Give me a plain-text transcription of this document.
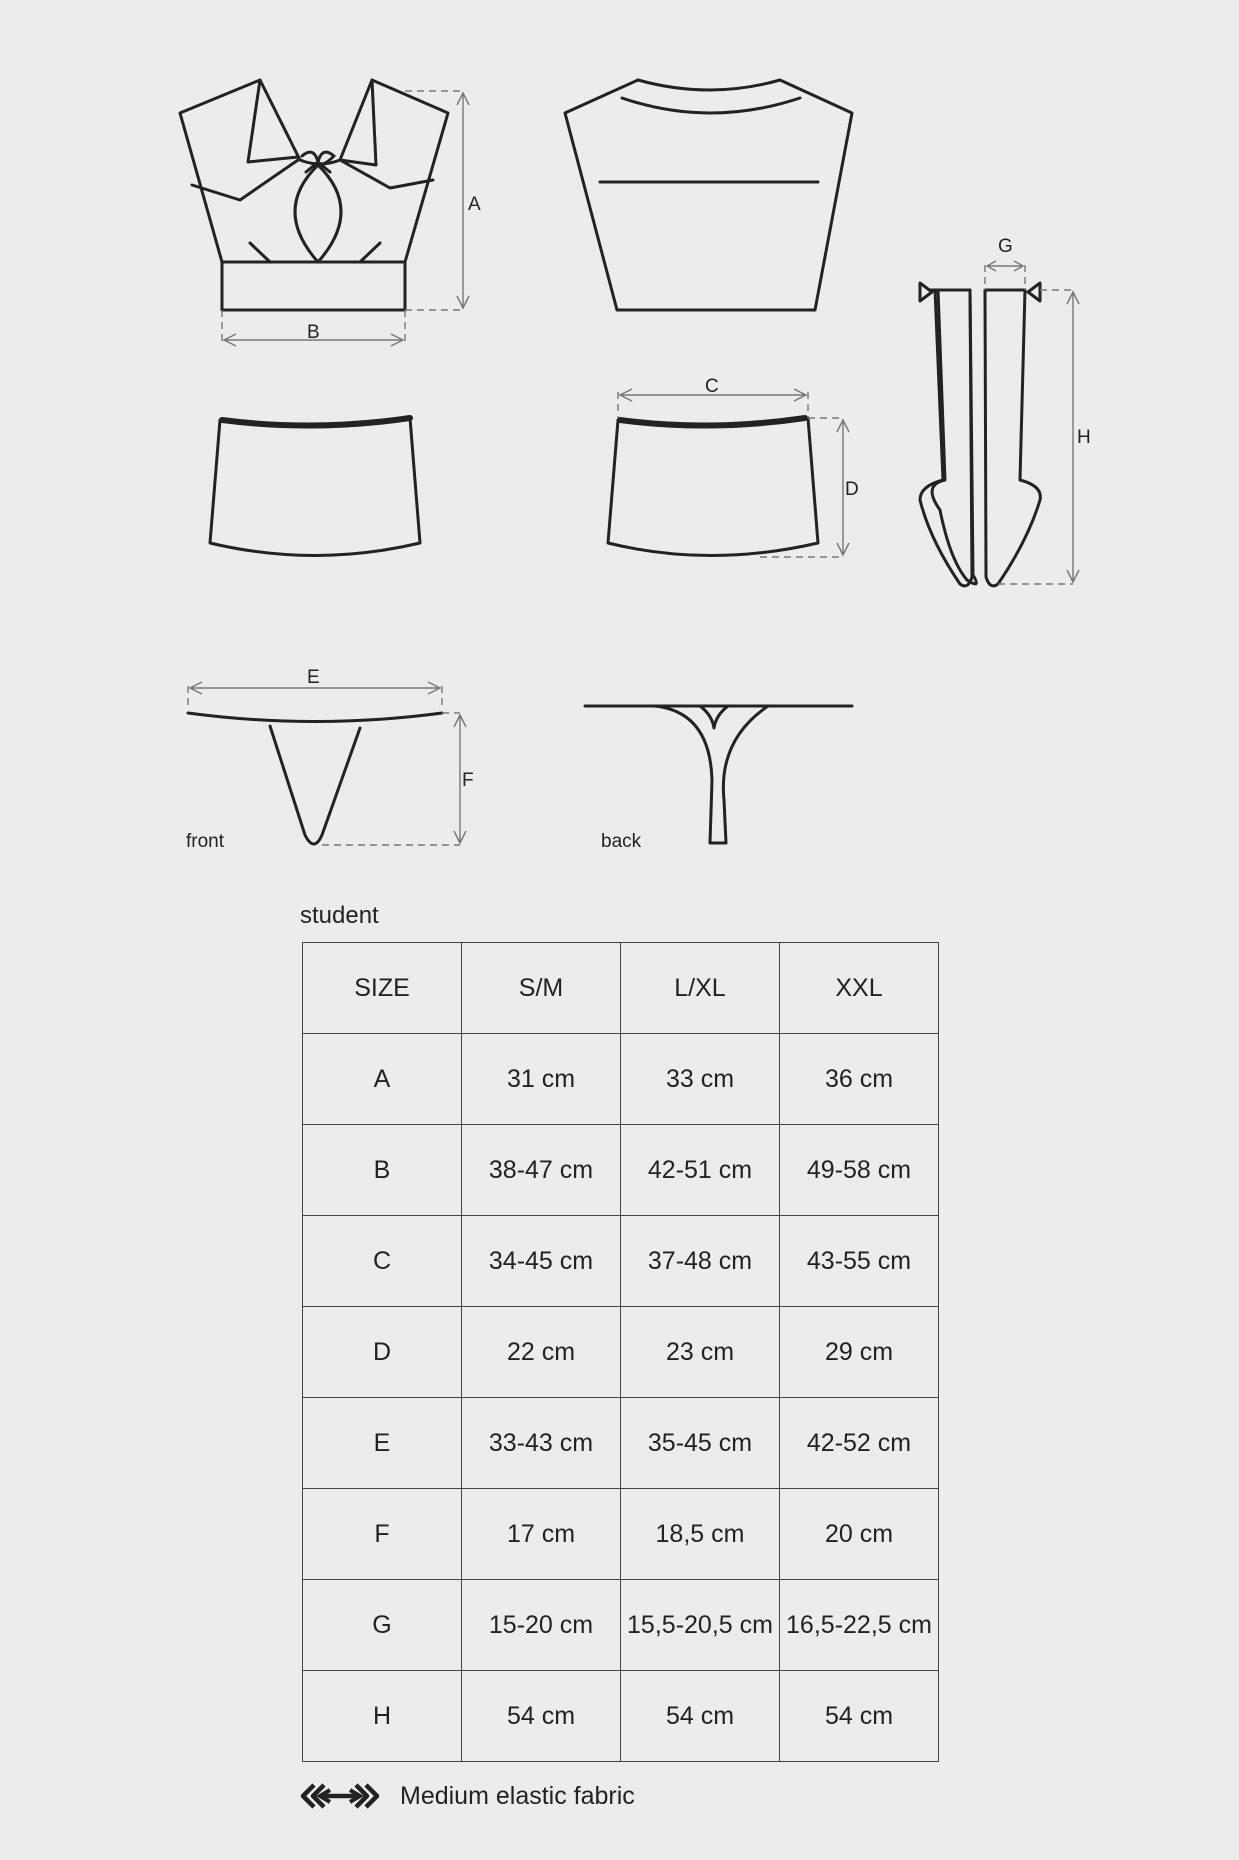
A
B
C
D
G
H
E
F
front	back
student
SIZE	S/M	L/XL	XXL
A	31 cm	33 cm	36 cm
B	38-47 cm	42-51 cm	49-58 cm
C	34-45 cm	37-48 cm	43-55 cm
D	22 cm	23 cm	29 cm
E	33-43 cm	35-45 cm	42-52 cm
F	17 cm	18,5 cm	20 cm
G	15-20 cm	15,5-20,5 cm	16,5-22,5 cm
H	54 cm	54 cm	54 cm
Medium elastic fabric
